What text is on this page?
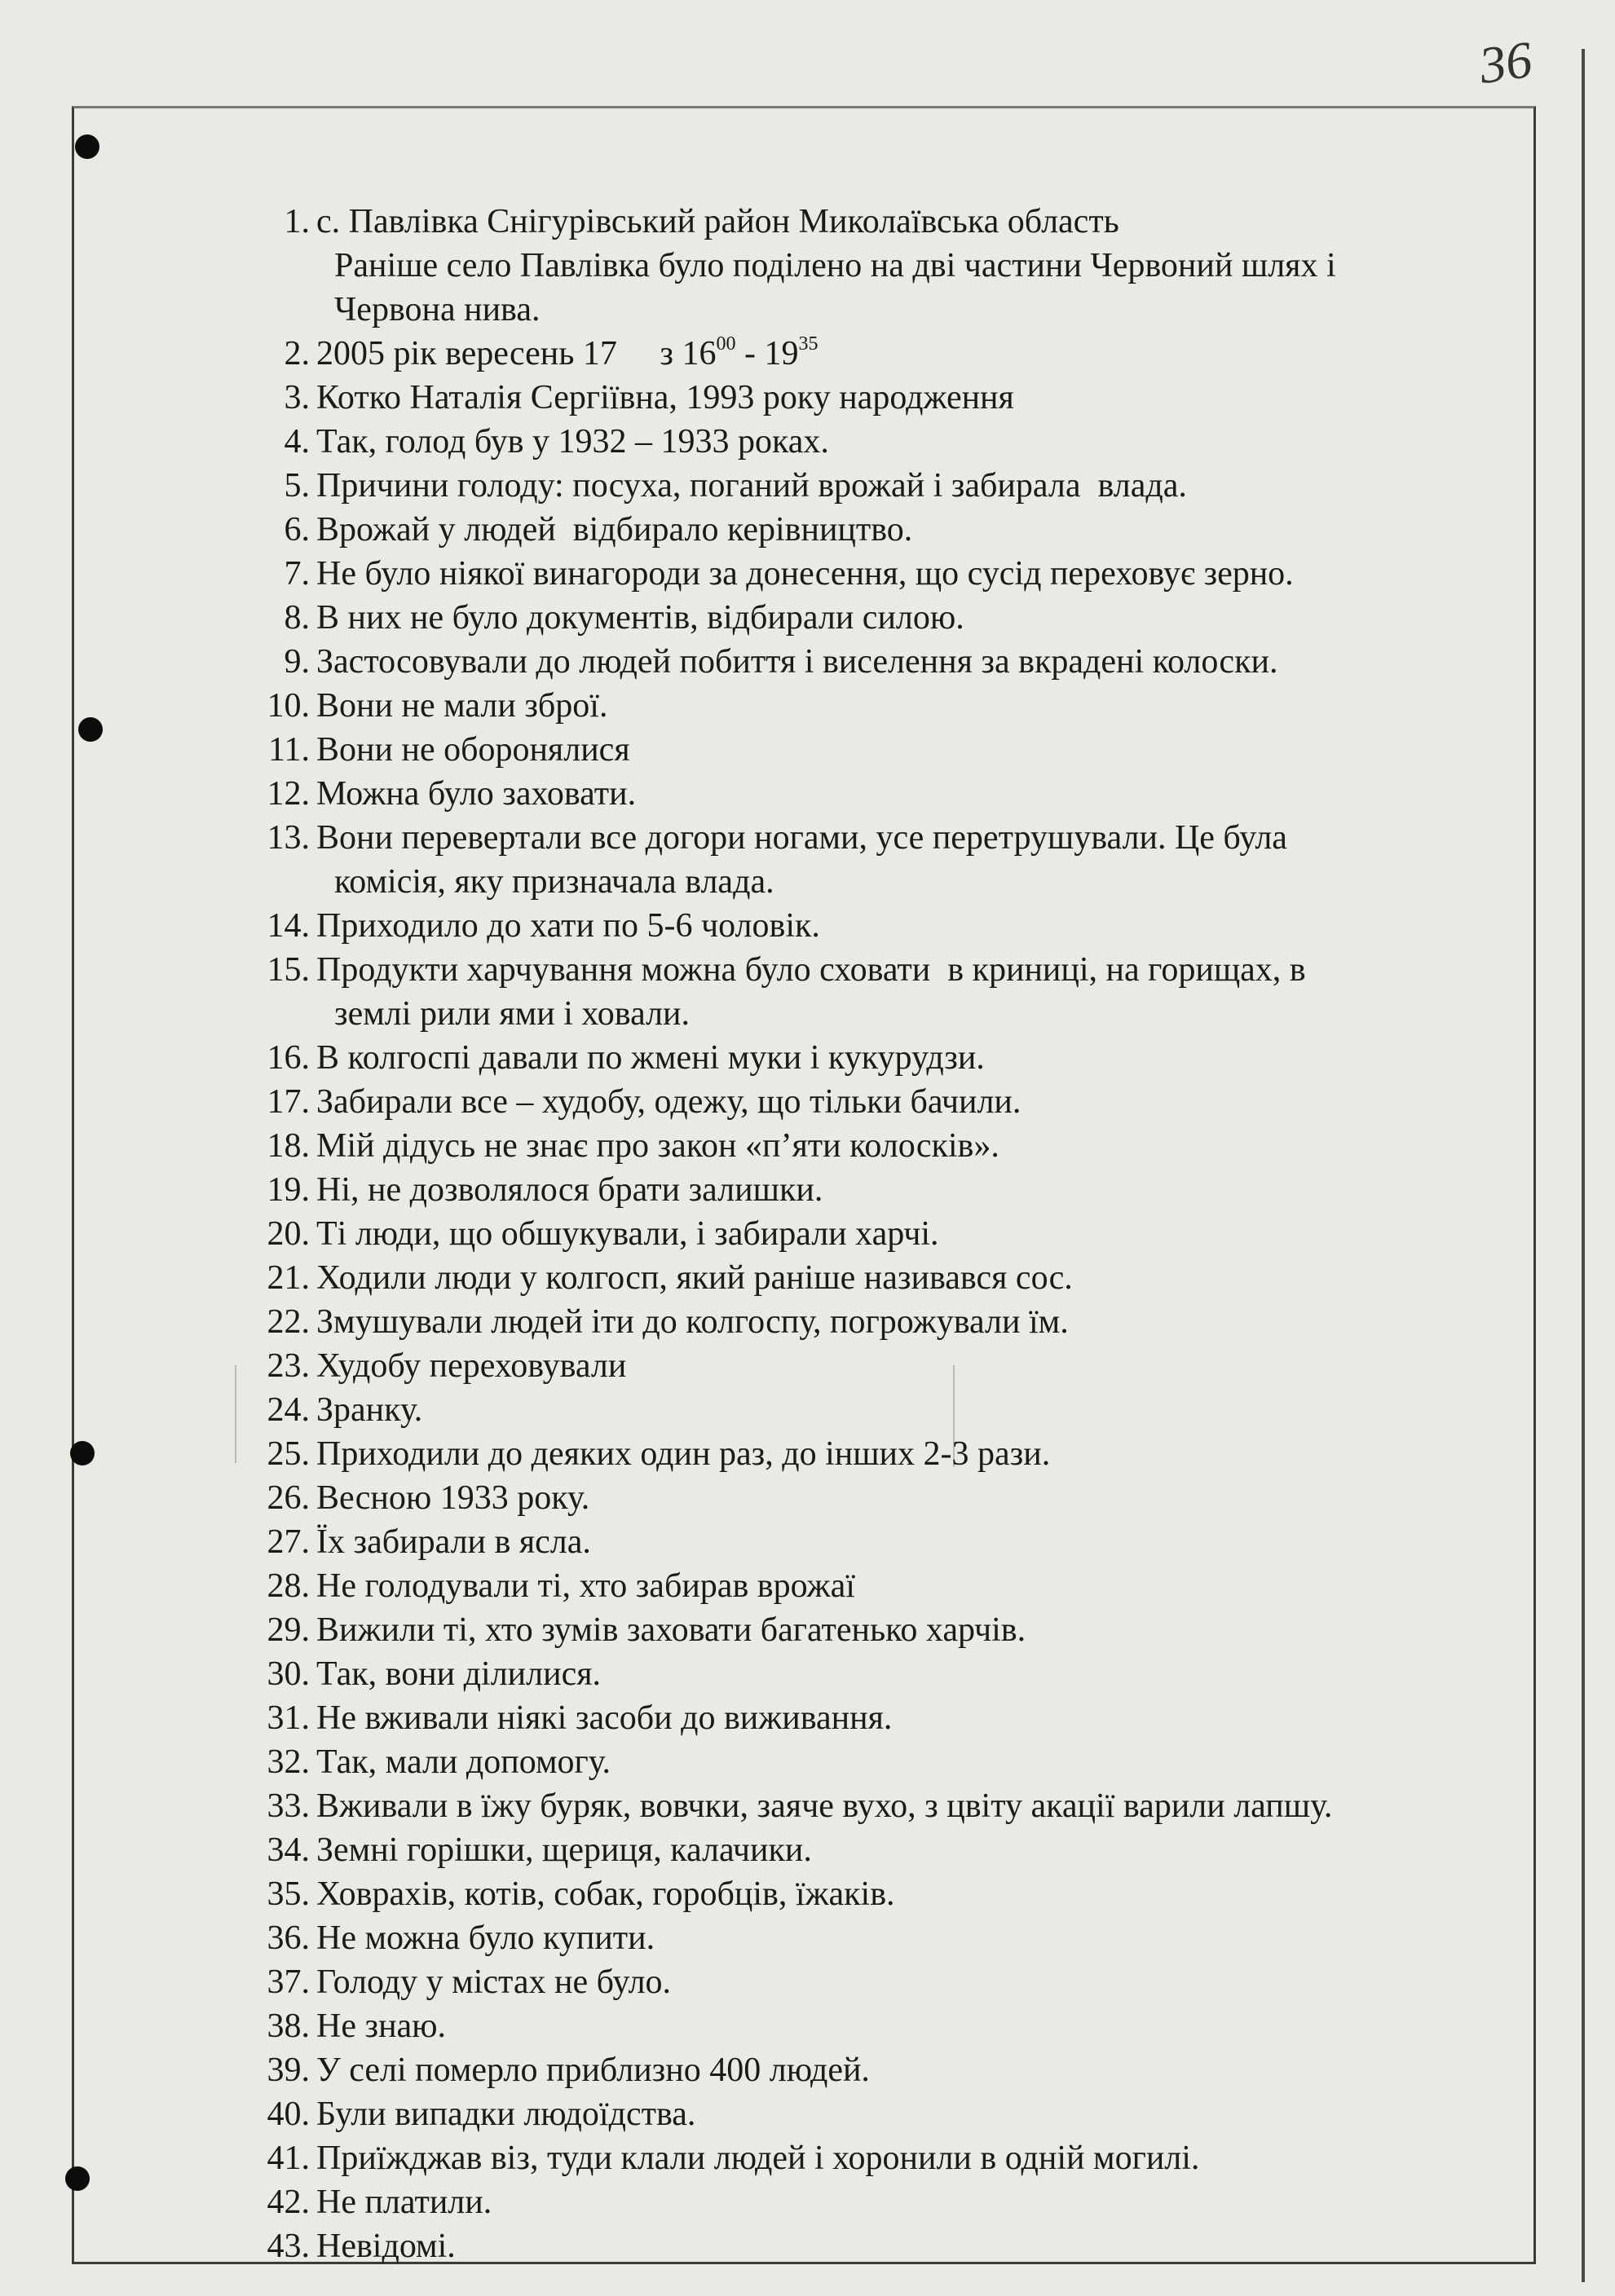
36
1. с. Павлівка Снігурівський район Миколаївська область
Раніше село Павлівка було поділено на дві частини Червоний шлях і
Червона нива.
2. 2005 рік вересень 17     з $16^{00} - 19^{35}$
3. Котко Наталія Сергіївна, 1993 року народження
4. Так, голод був у 1932 – 1933 роках.
5. Причини голоду: посуха, поганий врожай і забирала  влада.
6. Врожай у людей  відбирало керівництво.
7. Не було ніякої винагороди за донесення, що сусід переховує зерно.
8. В них не було документів, відбирали силою.
9. Застосовували до людей побиття і виселення за вкрадені колоски.
10. Вони не мали зброї.
11. Вони не оборонялися
12. Можна було заховати.
13. Вони перевертали все догори ногами, усе перетрушували. Це була
комісія, яку призначала влада.
14. Приходило до хати по 5-6 чоловік.
15. Продукти харчування можна було сховати  в криниці, на горищах, в
землі рили ями і ховали.
16. В колгоспі давали по жмені муки і кукурудзи.
17. Забирали все – худобу, одежу, що тільки бачили.
18. Мій дідусь не знає про закон «п’яти колосків».
19. Ні, не дозволялося брати залишки.
20. Ті люди, що обшукували, і забирали харчі.
21. Ходили люди у колгосп, який раніше називався сос.
22. Змушували людей іти до колгоспу, погрожували їм.
23. Худобу переховували
24. Зранку.
25. Приходили до деяких один раз, до інших 2-3 рази.
26. Весною 1933 року.
27. Їх забирали в ясла.
28. Не голодували ті, хто забирав врожаї
29. Вижили ті, хто зумів заховати багатенько харчів.
30. Так, вони ділилися.
31. Не вживали ніякі засоби до виживання.
32. Так, мали допомогу.
33. Вживали в їжу буряк, вовчки, заяче вухо, з цвіту акації варили лапшу.
34. Земні горішки, щериця, калачики.
35. Ховрахів, котів, собак, горобців, їжаків.
36. Не можна було купити.
37. Голоду у містах не було.
38. Не знаю.
39. У селі померло приблизно 400 людей.
40. Були випадки людоїдства.
41. Приїжджав віз, туди клали людей і хоронили в одній могилі.
42. Не платили.
43. Невідомі.
